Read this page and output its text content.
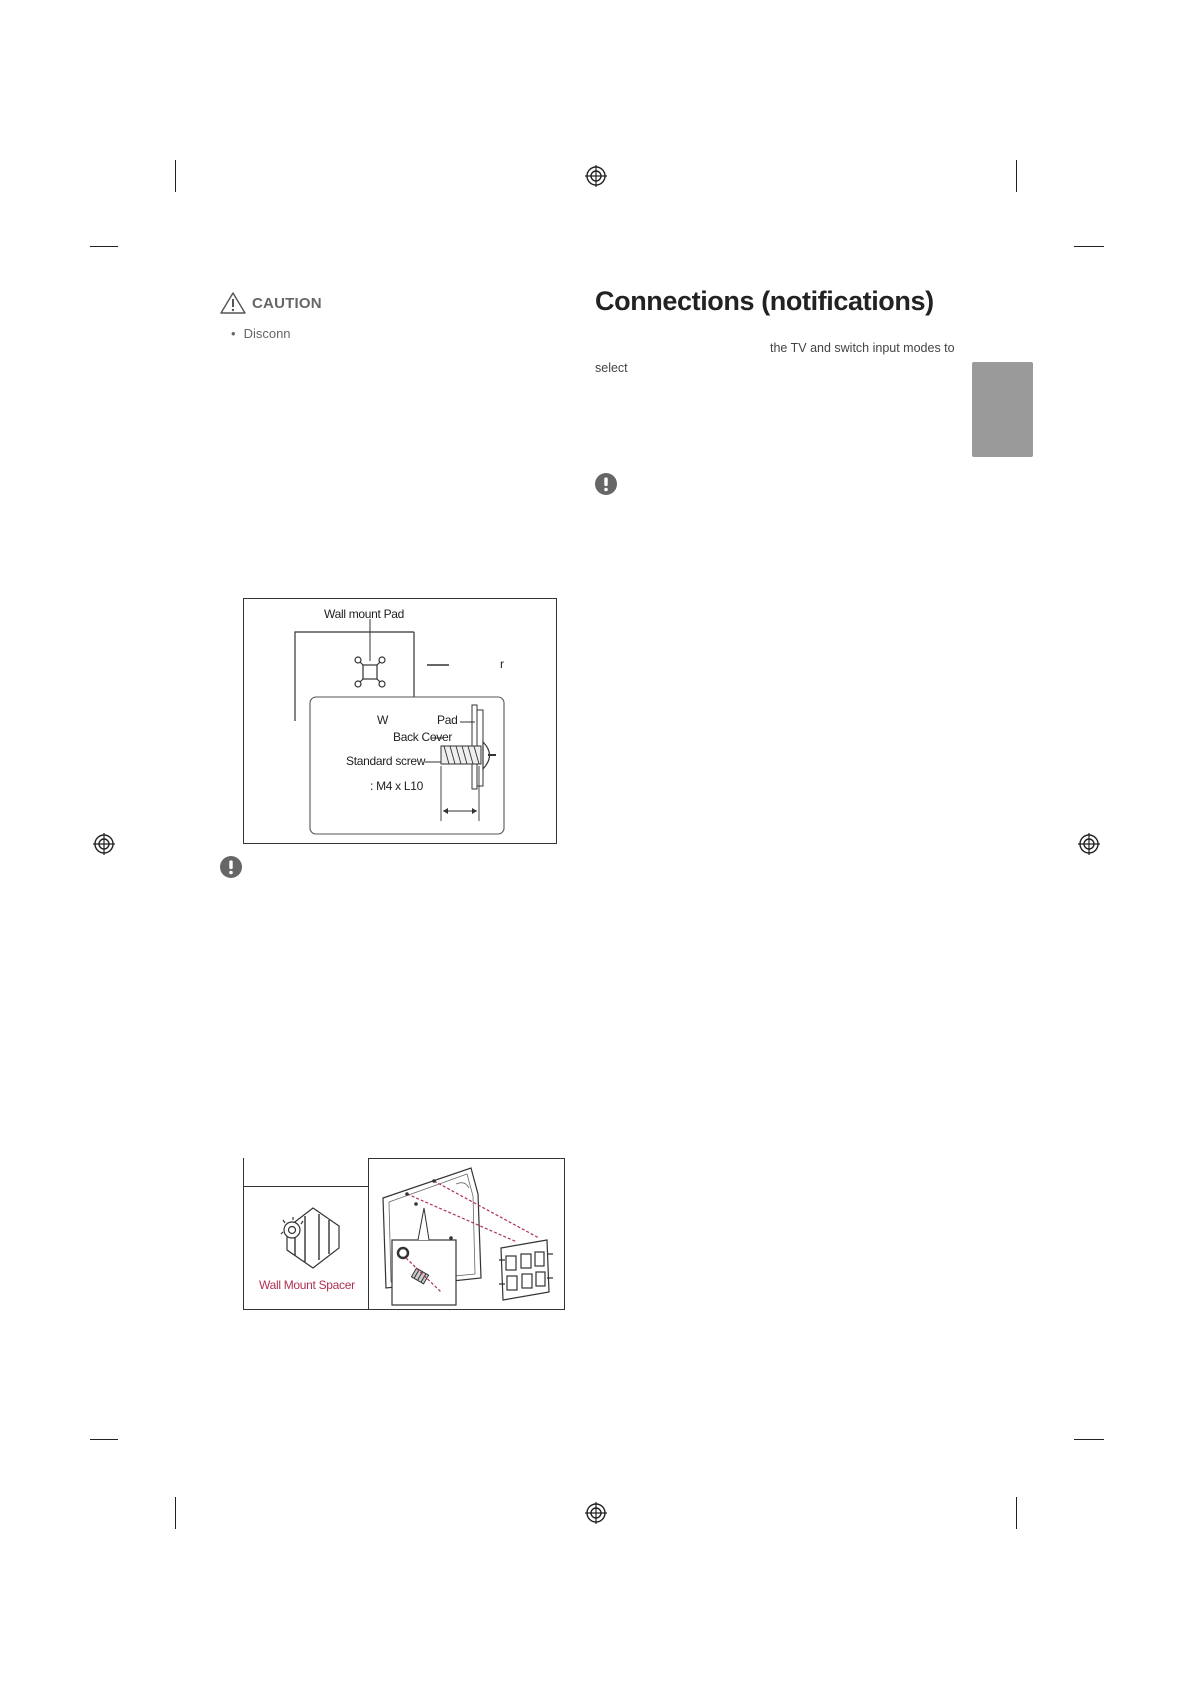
CAUTION
• Disconn
Connections (notifications)
the TV and switch input modes to
select
Wall mount Pad
r
W	Pad
Back Cover
Standard screw
: M4 x L10
Wall Mount Spacer
